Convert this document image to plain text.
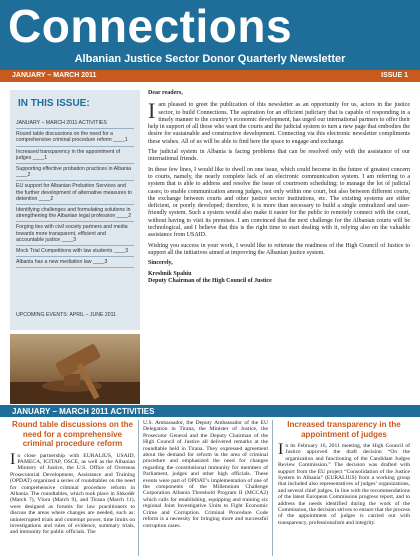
Connections
Albanian Justice Sector Donor Quarterly Newsletter
JANUARY – MARCH 2011	ISSUE 1
IN THIS ISSUE:
JANUARY – MARCH 2011 ACTIVITIES
Round table discussions on the need for a comprehensive criminal procedure reform ____1
Increased transparency in the appointment of judges ____1
Supporting effective probation practices in Albania ____2
EU support for Albanian Probation Services and the further development of alternative measures to detention ____2
Identifying challenges and formulating solutions in strengthening the Albanian legal profession ____2
Forging ties with civil society partners and media towards more transparent, efficient and accountable justice ____3
Mock Trial Competitions with law students ____3
Albania has a new mediation law ____3
UPCOMING EVENTS: APRIL – JUNE 2011

Dear readers,

Iam pleased to greet the publication of this newsletter as an opportunity for us, actors in the justice sector, to build Connections. The aspiration for an efficient judiciary that is capable of responding in a timely manner to the country’s economic development, has urged our international partners to offer their help in support of all those who want the courts and the judicial system to turn a new page that embodies the desire for sustainable and constructive development. Connecting via this electronic newsletter compliments these wishes. All of us will be able to find here the space to engage and exchange.

The judicial system in Albania is facing problems that can be resolved only with the assistance of our international friends.

In these few lines, I would like to dwell on one issue, which could become in the future of greatest concern to courts, namely, the nearly complete lack of an electronic communication system. I am referring to a system that is able to address and resolve the issue of courtroom scheduling; to manage the lot of judicial cases; to enable communication among judges, not only within one court, but also between different courts, the exchange between courts and other justice sector institutions, etc. The existing systems are either deficient, or poorly developed; therefore, it is more than necessary to build a single centralized and user-friendly system. Such a system would also make it easier for the public to remotely connect with the court, without having to visit its premises. I am convinced that the next challenge for the Albanian courts will be technological, and I believe that this is the right time to start dealing with it, relying also on the valuable assistance from USAID.

Wishing you success in your work, I would like to reiterate the readiness of the High Council of Justice to support all the initiatives aimed at improving the Albanian justice system.

Sincerely,

Kreshnik Spahiu

Deputy Chairman of the High Council of Justice

JANUARY – MARCH 2011 ACTIVITIES
Round table discussions on the need for a comprehensive criminal procedure reform

In close partnership with EURALIUS, USAID, PAMECA, ICITAP, OSCE, as well as the Albanian Ministry of Justice, the U.S. Office of Overseas Prosecutorial Development, Assistance and Training (OPDAT) organized a series of roundtables on the need for comprehensive criminal procedure reform in Albania. The roundtables, which took place in Shkodër (March 7), Vlora (March 9), and Tirana (March 11), were designed as forums for law practitioners to discuss the areas where changes are needed, such as: uninterrupted trials and contempt power, time limits on investigations and rules of evidence, summary trials, and immunity for public officials. The

U.S. Ambassador, the Deputy Ambassador of the EU Delegation in Tirana, the Minister of Justice, the Prosecutor General and the Deputy Chairman of the High Council of Justice all delivered remarks at the roundtable held in Tirana. They expressed agreement about the demand for reform in the area of criminal procedure and emphasized the need for changes regarding the constitutional immunity for members of Parliament, judges and other high officials. These events were part of OPDAT’s implementation of one of the components of the Millennium Challenge Corporation Albania Threshold Program II (MCCA2) which calls for establishing, equipping and training six regional Joint Investigative Units to Fight Economic Crime and Corruption. Criminal Procedure Code reform is a necessity for bringing more and successful corruption cases.

Increased transparency in the appointment of judges

In its February 16, 2011 meeting, the High Council of Justice approved the draft decision “On the organization and functioning of the Candidate Judges Review Commission.” The decision was drafted with support from the EU project “Consolidation of the Justice System in Albania” (EURALIUS) from a working group that included also representatives of judges’ organizations, and several chief judges. In line with the recommendations of the latest European Commission progress report, and to address the needs identified during the work of the Commission, the decision strives to ensure that the process of the appointment of judges is carried out with transparency, professionalism and integrity.
